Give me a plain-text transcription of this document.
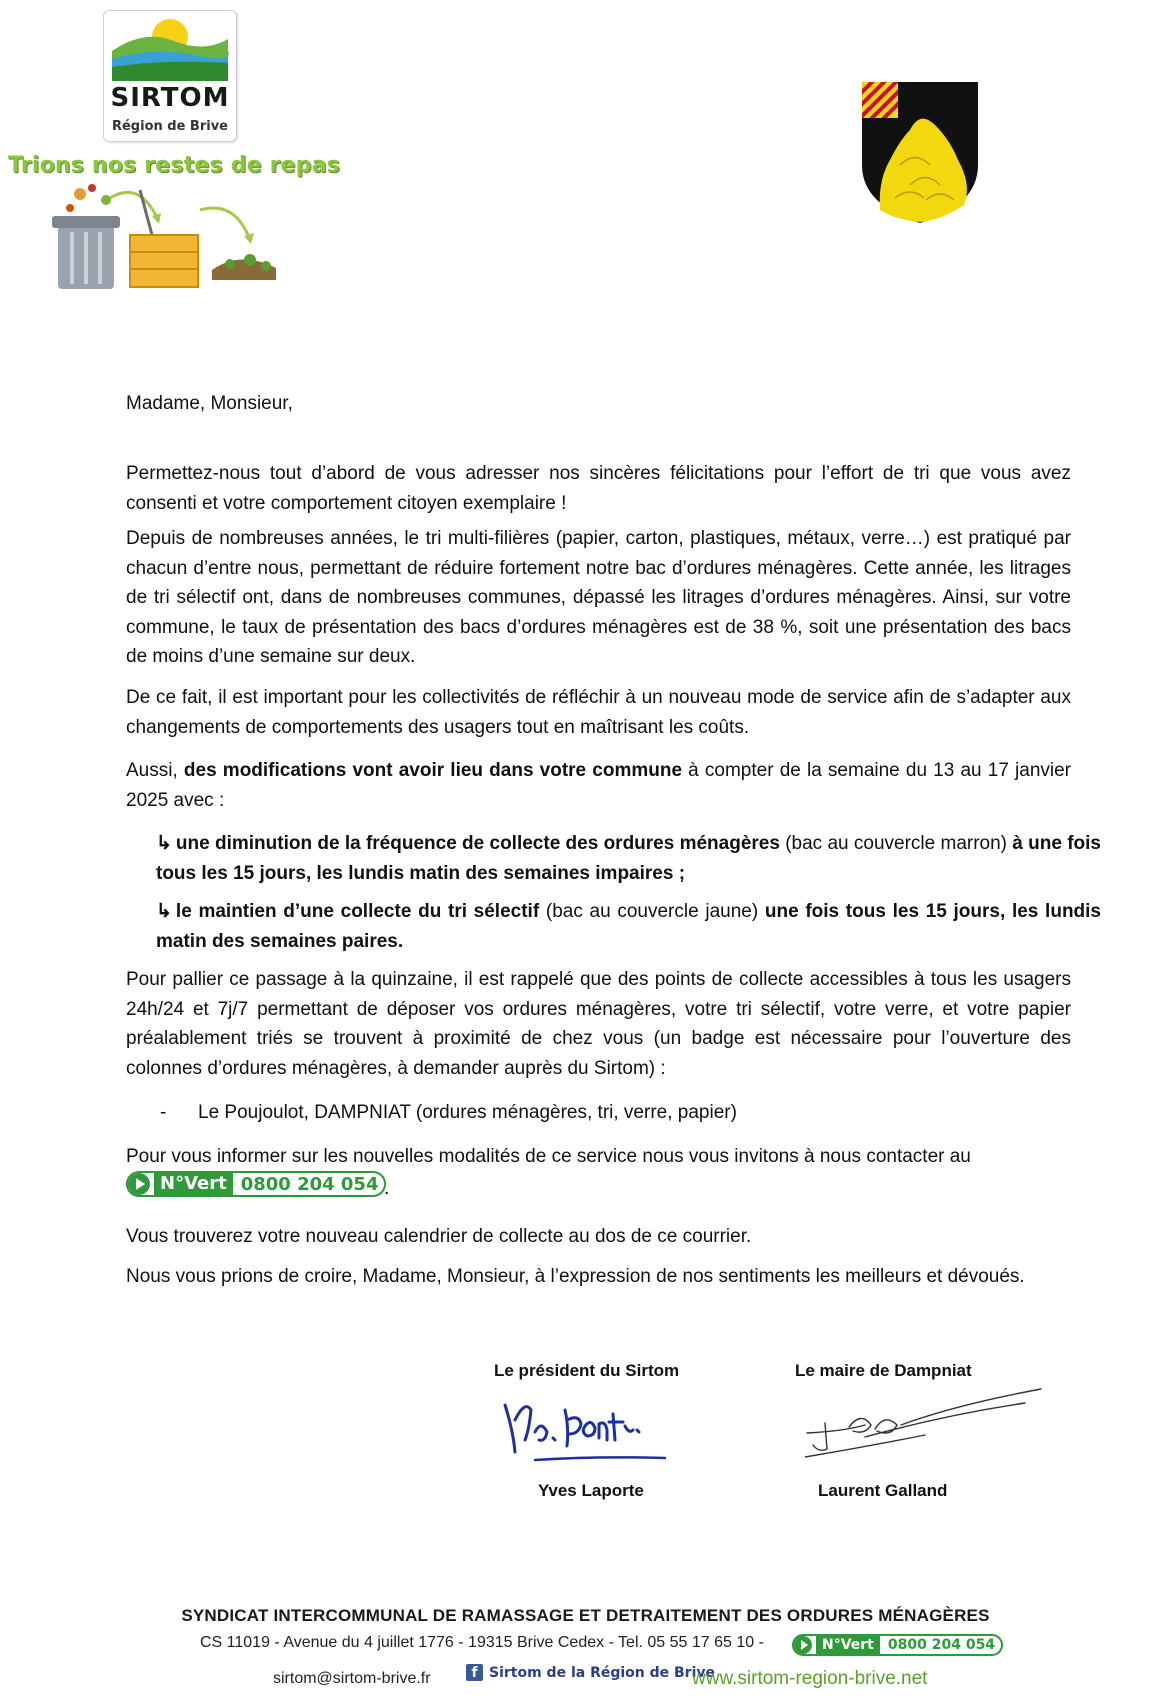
SIRTOM
Région de Brive
Trions nos restes de repas
Madame, Monsieur,
Permettez-nous tout d’abord de vous adresser nos sincères félicitations pour l’effort de tri que vous avez consenti et votre comportement citoyen exemplaire !
Depuis de nombreuses années, le tri multi-filières (papier, carton, plastiques, métaux, verre…) est pratiqué par chacun d’entre nous, permettant de réduire fortement notre bac d’ordures ménagères. Cette année, les litrages de tri sélectif ont, dans de nombreuses communes, dépassé les litrages d’ordures ménagères. Ainsi, sur votre commune, le taux de présentation des bacs d’ordures ménagères est de 38 %, soit une présentation des bacs de moins d’une semaine sur deux.
De ce fait, il est important pour les collectivités de réfléchir à un nouveau mode de service afin de s’adapter aux changements de comportements des usagers tout en maîtrisant les coûts.
Aussi, des modifications vont avoir lieu dans votre commune à compter de la semaine du 13 au 17 janvier 2025 avec :
↳ une diminution de la fréquence de collecte des ordures ménagères (bac au couvercle marron) à une fois tous les 15 jours, les lundis matin des semaines impaires ;
↳ le maintien d’une collecte du tri sélectif (bac au couvercle jaune) une fois tous les 15 jours, les lundis matin des semaines paires.
Pour pallier ce passage à la quinzaine, il est rappelé que des points de collecte accessibles à tous les usagers 24h/24 et 7j/7 permettant de déposer vos ordures ménagères, votre tri sélectif, votre verre, et votre papier préalablement triés se trouvent à proximité de chez vous (un badge est nécessaire pour l’ouverture des colonnes d’ordures ménagères, à demander auprès du Sirtom) :
- Le Poujoulot, DAMPNIAT (ordures ménagères, tri, verre, papier)
Pour vous informer sur les nouvelles modalités de ce service nous vous invitons à nous contacter au
N°Vert 0800 204 054 .
Vous trouverez votre nouveau calendrier de collecte au dos de ce courrier.
Nous vous prions de croire, Madame, Monsieur, à l’expression de nos sentiments les meilleurs et dévoués.
Le président du Sirtom	Le maire de Dampniat
Yves Laporte	Laurent Galland
SYNDICAT INTERCOMMUNAL DE RAMASSAGE ET DETRAITEMENT DES ORDURES MÉNAGÈRES
CS 11019 - Avenue du 4 juillet 1776 - 19315 Brive Cedex - Tel. 05 55 17 65 10 -	N°Vert	0800 204 054
sirtom@sirtom-brive.fr	f Sirtom de la Région de Brive
www.sirtom-region-brive.net
